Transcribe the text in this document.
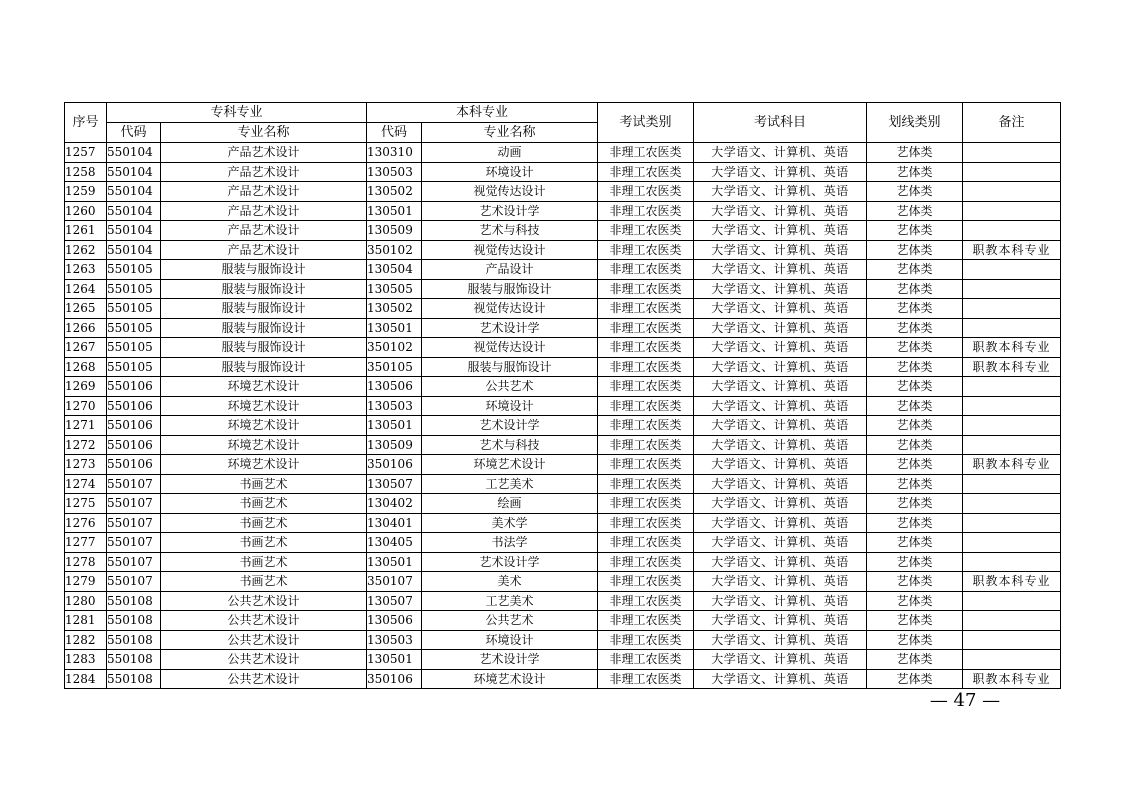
序号	专科专业		本科专业		考试类别	考试科目	划线类别	备注
	代码	专业名称	代码	专业名称				
1257	550104	产品艺术设计	130310	动画	非理工农医类	大学语文、计算机、英语	艺体类	
1258	550104	产品艺术设计	130503	环境设计	非理工农医类	大学语文、计算机、英语	艺体类	
1259	550104	产品艺术设计	130502	视觉传达设计	非理工农医类	大学语文、计算机、英语	艺体类	
1260	550104	产品艺术设计	130501	艺术设计学	非理工农医类	大学语文、计算机、英语	艺体类	
1261	550104	产品艺术设计	130509	艺术与科技	非理工农医类	大学语文、计算机、英语	艺体类	
1262	550104	产品艺术设计	350102	视觉传达设计	非理工农医类	大学语文、计算机、英语	艺体类	职教本科专业
1263	550105	服装与服饰设计	130504	产品设计	非理工农医类	大学语文、计算机、英语	艺体类	
1264	550105	服装与服饰设计	130505	服装与服饰设计	非理工农医类	大学语文、计算机、英语	艺体类	
1265	550105	服装与服饰设计	130502	视觉传达设计	非理工农医类	大学语文、计算机、英语	艺体类	
1266	550105	服装与服饰设计	130501	艺术设计学	非理工农医类	大学语文、计算机、英语	艺体类	
1267	550105	服装与服饰设计	350102	视觉传达设计	非理工农医类	大学语文、计算机、英语	艺体类	职教本科专业
1268	550105	服装与服饰设计	350105	服装与服饰设计	非理工农医类	大学语文、计算机、英语	艺体类	职教本科专业
1269	550106	环境艺术设计	130506	公共艺术	非理工农医类	大学语文、计算机、英语	艺体类	
1270	550106	环境艺术设计	130503	环境设计	非理工农医类	大学语文、计算机、英语	艺体类	
1271	550106	环境艺术设计	130501	艺术设计学	非理工农医类	大学语文、计算机、英语	艺体类	
1272	550106	环境艺术设计	130509	艺术与科技	非理工农医类	大学语文、计算机、英语	艺体类	
1273	550106	环境艺术设计	350106	环境艺术设计	非理工农医类	大学语文、计算机、英语	艺体类	职教本科专业
1274	550107	书画艺术	130507	工艺美术	非理工农医类	大学语文、计算机、英语	艺体类	
1275	550107	书画艺术	130402	绘画	非理工农医类	大学语文、计算机、英语	艺体类	
1276	550107	书画艺术	130401	美术学	非理工农医类	大学语文、计算机、英语	艺体类	
1277	550107	书画艺术	130405	书法学	非理工农医类	大学语文、计算机、英语	艺体类	
1278	550107	书画艺术	130501	艺术设计学	非理工农医类	大学语文、计算机、英语	艺体类	
1279	550107	书画艺术	350107	美术	非理工农医类	大学语文、计算机、英语	艺体类	职教本科专业
1280	550108	公共艺术设计	130507	工艺美术	非理工农医类	大学语文、计算机、英语	艺体类	
1281	550108	公共艺术设计	130506	公共艺术	非理工农医类	大学语文、计算机、英语	艺体类	
1282	550108	公共艺术设计	130503	环境设计	非理工农医类	大学语文、计算机、英语	艺体类	
1283	550108	公共艺术设计	130501	艺术设计学	非理工农医类	大学语文、计算机、英语	艺体类	
1284	550108	公共艺术设计	350106	环境艺术设计	非理工农医类	大学语文、计算机、英语	艺体类	职教本科专业
— 47 —
